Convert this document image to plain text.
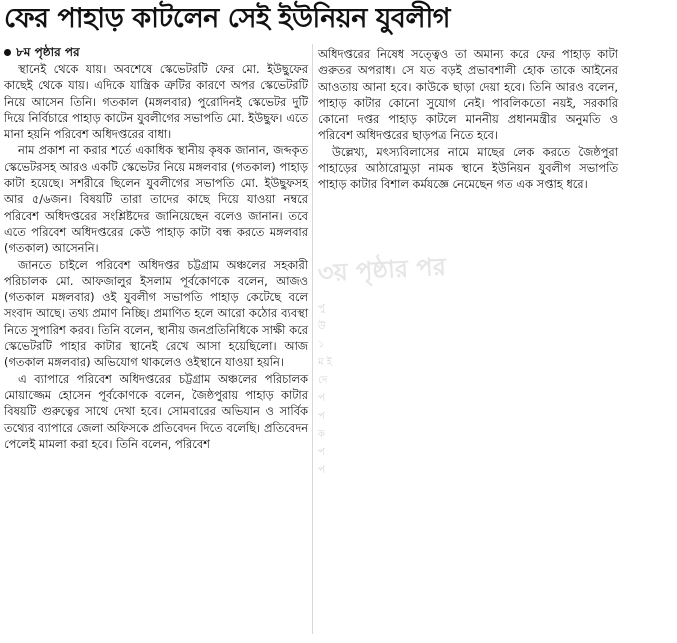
ফের পাহাড় কাটলেন সেই ইউনিয়ন যুবলীগ
৮ম পৃষ্ঠার পর

স্থানেই থেকে যায়। অবশেষে স্কেভেটরটি ফের মো. ইউছুফের কাছেই থেকে যায়। এদিকে যান্ত্রিক ত্রুটির কারণে অপর স্কেভেটরটি নিয়ে আসেন তিনি। গতকাল (মঙ্গলবার) পুরোদিনই স্কেভেটর দুটি দিয়ে নির্বিচারে পাহাড় কাটেন যুবলীগের সভাপতি মো. ইউছুফ। এতে মানা হয়নি পরিবেশ অধিদপ্তরের বাধা।

নাম প্রকাশ না করার শর্তে একাধিক স্থানীয় কৃষক জানান, জব্দকৃত স্কেভেটরসহ আরও একটি স্কেভেটর নিয়ে মঙ্গলবার (গতকাল) পাহাড় কাটা হয়েছে। সশরীরে ছিলেন যুবলীগের সভাপতি মো. ইউছুফসহ আর ৫/৬জন। বিষয়টি তারা তাদের কাছে দিয়ে যাওয়া নম্বরে পরিবেশ অধিদপ্তরের সংশ্লিষ্টদের জানিয়েছেন বলেও জানান। তবে এতে পরিবেশ অধিদপ্তরের কেউ পাহাড় কাটা বন্ধ করতে মঙ্গলবার (গতকাল) আসেননি।

জানতে চাইলে পরিবেশ অধিদপ্তর চট্টগ্রাম অঞ্চলের সহকারী পরিচালক মো. আফজালুর ইসলাম পূর্বকোণকে বলেন, আজও (গতকাল মঙ্গলবার) ওই যুবলীগ সভাপতি পাহাড় কেটেছে বলে সংবাদ আছে। তথ্য প্রমাণ নিচ্ছি। প্রমাণিত হলে আরো কঠোর ব্যবস্থা নিতে সুপারিশ করব। তিনি বলেন, স্থানীয় জনপ্রতিনিধিকে সাক্ষী করে স্কেভেটরটি পাহার কাটার স্থানেই রেখে আসা হয়েছিলো। আজ (গতকাল মঙ্গলবার) অভিযোগ থাকলেও ওইস্থানে যাওয়া হয়নি।

এ ব্যাপারে পরিবেশ অধিদপ্তরের চট্টগ্রাম অঞ্চলের পরিচালক মোয়াজ্জেম হোসেন পূর্বকোণকে বলেন, জৈষ্ঠপুরায় পাহাড় কাটার বিষয়টি গুরুত্বের সাথে দেখা হবে। সোমবারের অভিযান ও সার্বিক তথ্যের ব্যাপারে জেলা অফিসকে প্রতিবেদন দিতে বলেছি। প্রতিবেদন পেলেই মামলা করা হবে। তিনি বলেন, পরিবেশ

অধিদপ্তরের নিষেধ সত্ত্বেও তা অমান্য করে ফের পাহাড় কাটা গুরুতর অপরাধ। সে যত বড়ই প্রভাবশালী হোক তাকে আইনের আওতায় আনা হবে। কাউকে ছাড়া দেয়া হবে। তিনি আরও বলেন, পাহাড় কাটার কোনো সুযোগ নেই। পাবলিকতো নয়ই, সরকারি কোনো দপ্তর পাহাড় কাটলে মাননীয় প্রধানমন্ত্রীর অনুমতি ও পরিবেশ অধিদপ্তরের ছাড়পত্র নিতে হবে।

উল্লেখ্য, মৎস্যবিলাসের নামে মাছের লেক করতে জৈষ্ঠপুরা পাহাড়ের আঠারোমুড়া নামক স্থানে ইউনিয়ন যুবলীগ সভাপতি পাহাড় কাটার বিশাল কর্মযজ্ঞে নেমেছেন গত এক সপ্তাহ ধরে।

৩য় পৃষ্ঠার পর
পু উ ১ ম ই দে প প ক প প
